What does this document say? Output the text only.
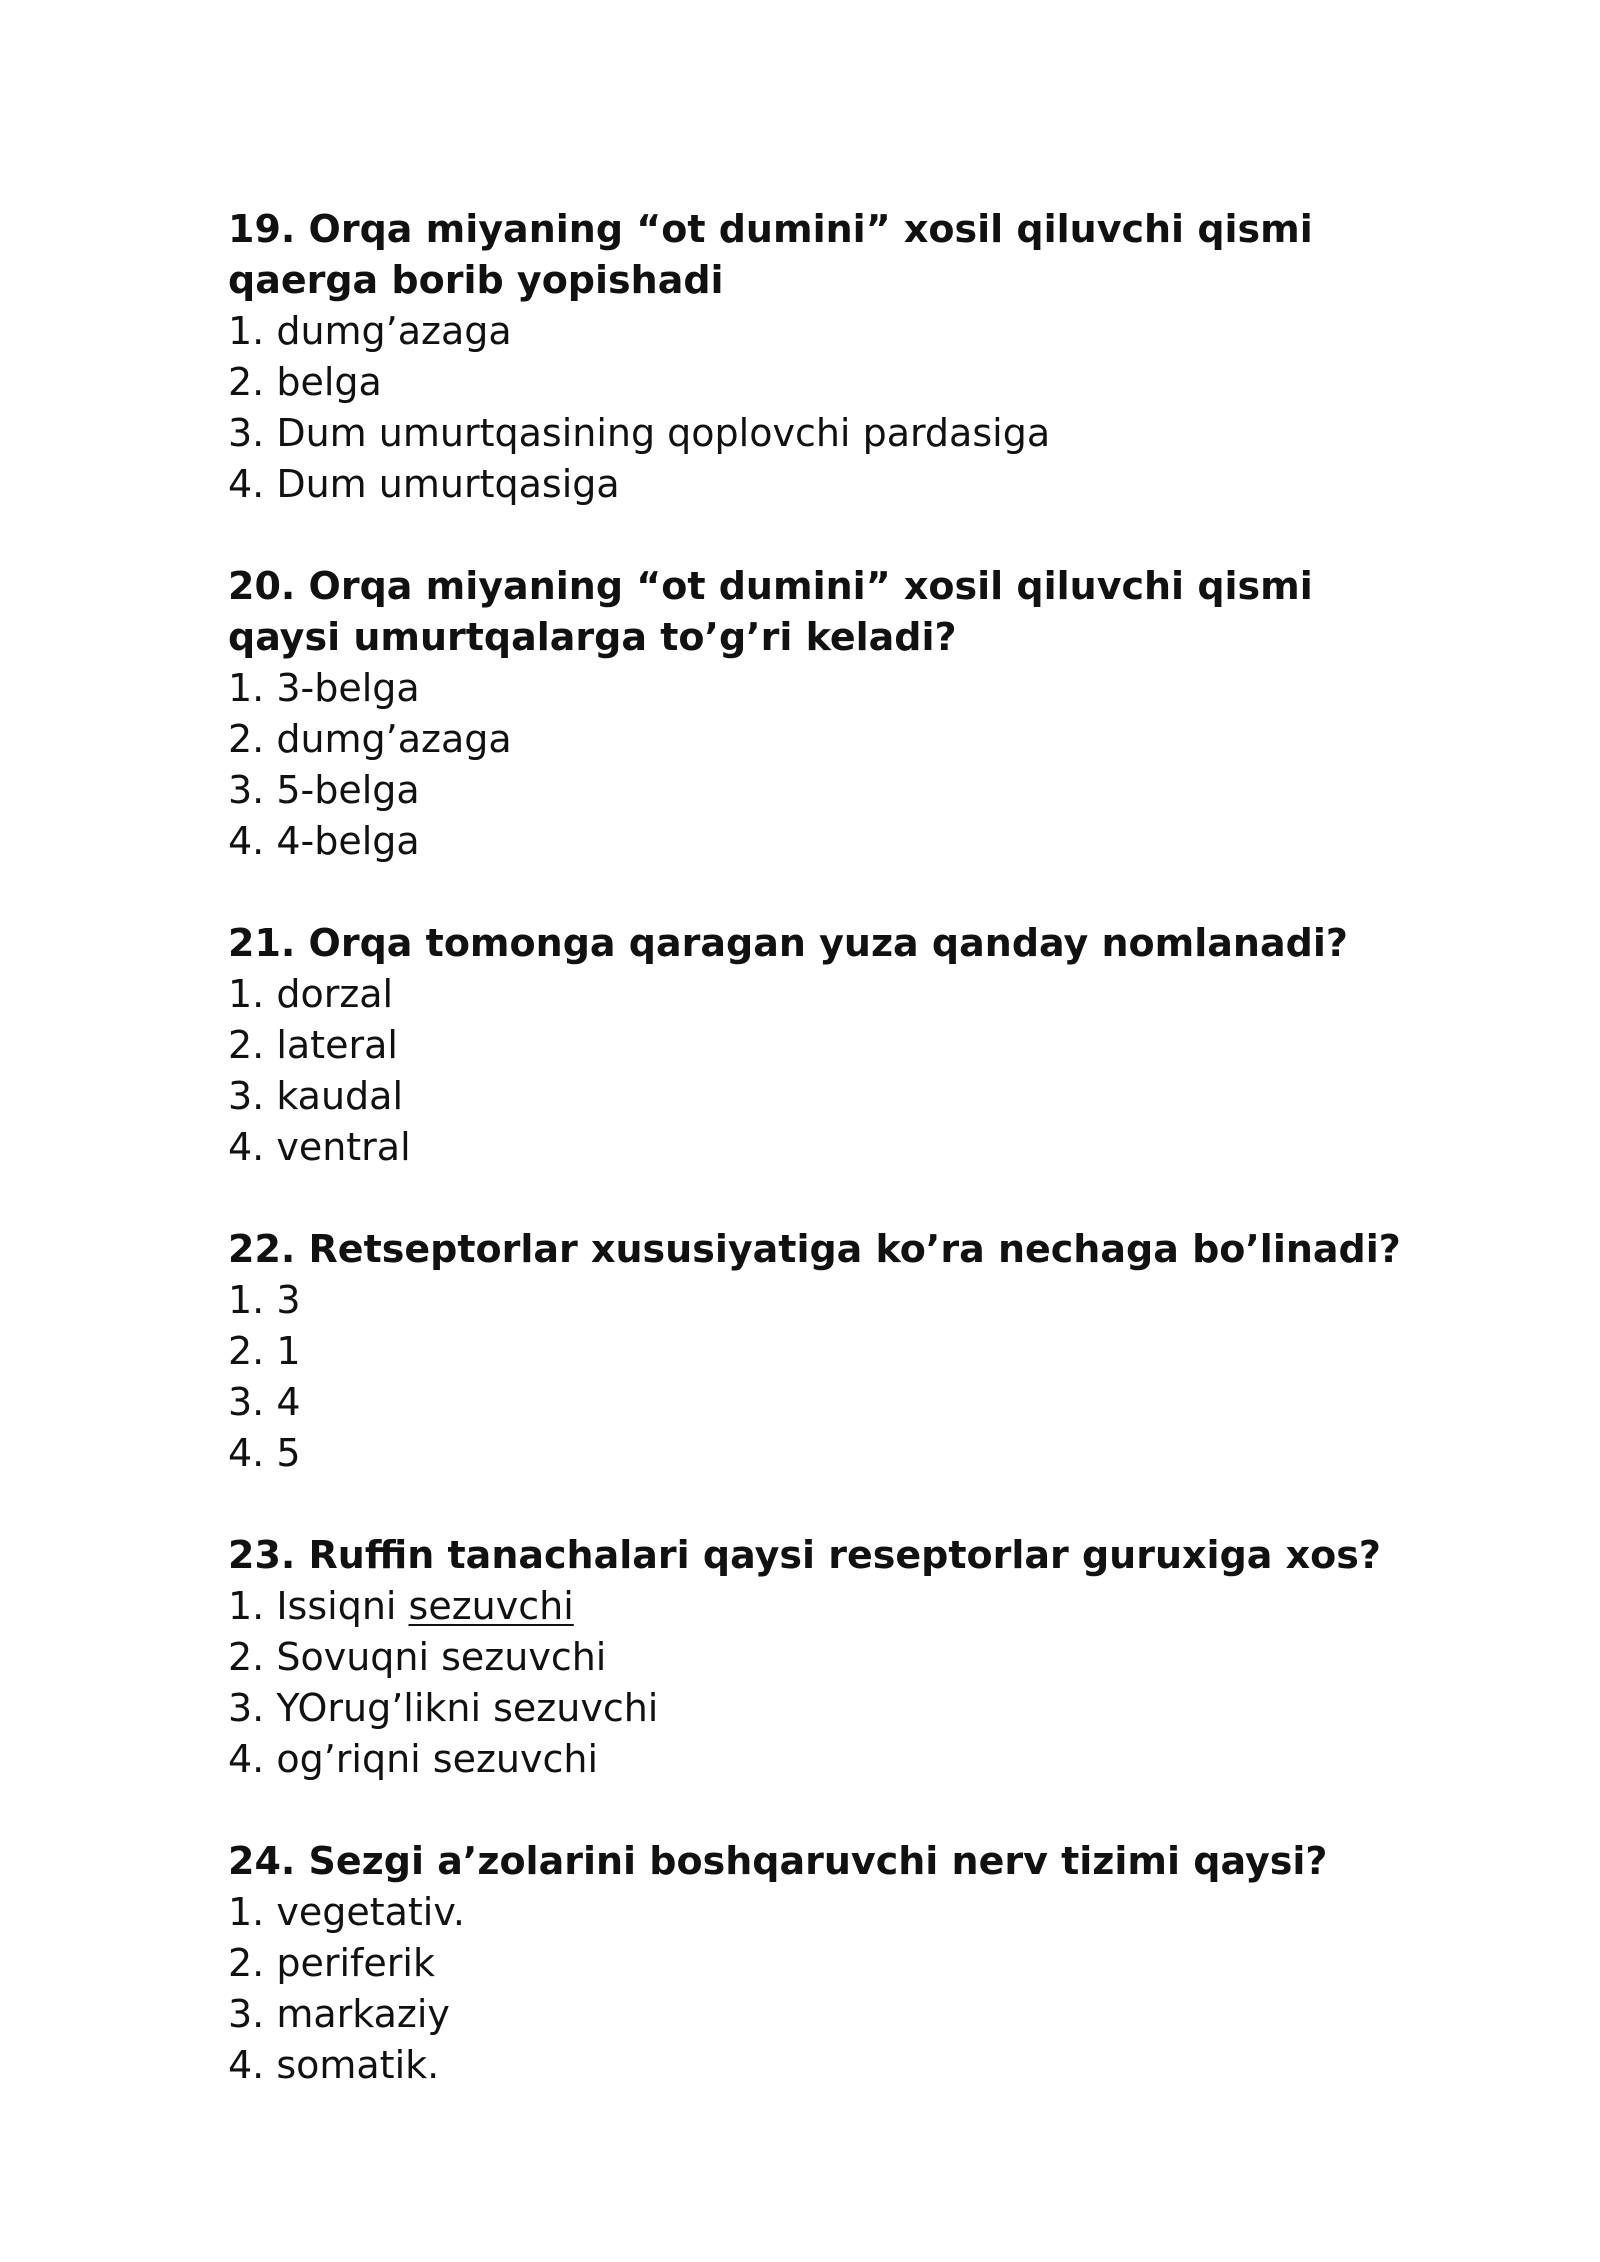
19. Orqa miyaning “ot dumini” xosil qiluvchi qismi qaerga borib yopishadi

1. dumg’azaga

2. belga

3. Dum umurtqasining qoplovchi pardasiga

4. Dum umurtqasiga

20. Orqa miyaning “ot dumini” xosil qiluvchi qismi qaysi umurtqalarga to’g’ri keladi?

1. 3-belga

2. dumg’azaga

3. 5-belga

4. 4-belga

21. Orqa tomonga qaragan yuza qanday nomlanadi?

1. dorzal

2. lateral

3. kaudal

4. ventral

22. Retseptorlar xususiyatiga ko’ra nechaga bo’linadi?

1. 3

2. 1

3. 4

4. 5

23. Ruffin tanachalari qaysi reseptorlar guruxiga xos?

1. Issiqni sezuvchi

2. Sovuqni sezuvchi

3. YOrug’likni sezuvchi

4. og’riqni sezuvchi

24. Sezgi a’zolarini boshqaruvchi nerv tizimi qaysi?

1. vegetativ.

2. periferik

3. markaziy

4. somatik.
